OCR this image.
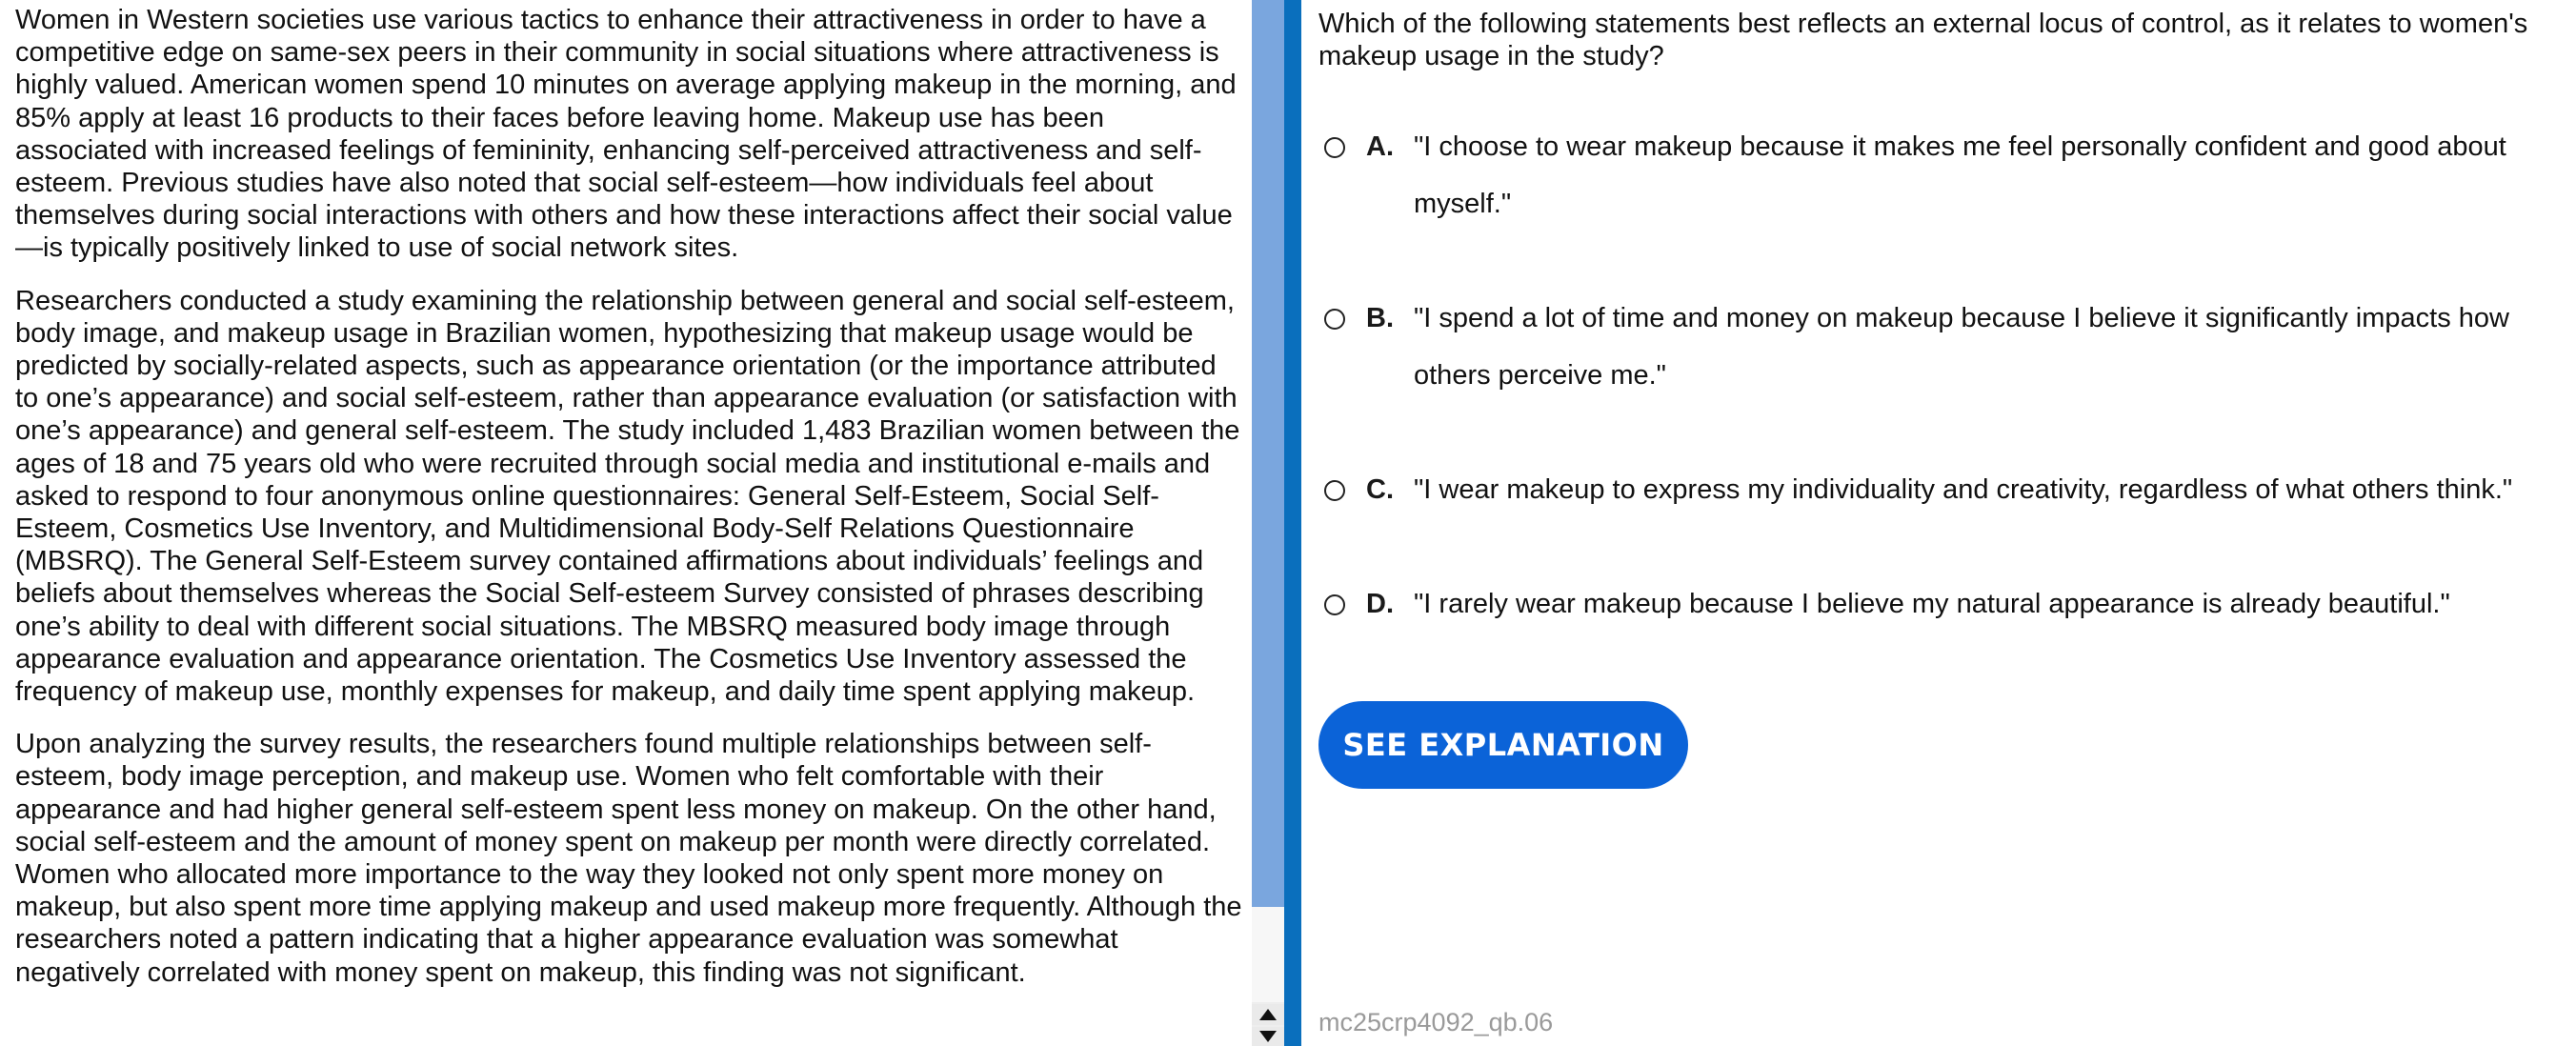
Women in Western societies use various tactics to enhance their attractiveness in order to have a competitive edge on same-sex peers in their community in social situations where attractiveness is highly valued. American women spend 10 minutes on average applying makeup in the morning, and 85% apply at least 16 products to their faces before leaving home. Makeup use has been associated with increased feelings of femininity, enhancing self-perceived attractiveness and self-esteem. Previous studies have also noted that social self-esteem—how individuals feel about themselves during social interactions with others and how these interactions affect their social value—is typically positively linked to use of social network sites.

Researchers conducted a study examining the relationship between general and social self-esteem, body image, and makeup usage in Brazilian women, hypothesizing that makeup usage would be predicted by socially-related aspects, such as appearance orientation (or the importance attributed to one’s appearance) and social self-esteem, rather than appearance evaluation (or satisfaction with one’s appearance) and general self-esteem. The study included 1,483 Brazilian women between the ages of 18 and 75 years old who were recruited through social media and institutional e-mails and asked to respond to four anonymous online questionnaires: General Self-Esteem, Social Self-Esteem, Cosmetics Use Inventory, and Multidimensional Body-Self Relations Questionnaire (MBSRQ). The General Self-Esteem survey contained affirmations about individuals’ feelings and beliefs about themselves whereas the Social Self-esteem Survey consisted of phrases describing one’s ability to deal with different social situations. The MBSRQ measured body image through appearance evaluation and appearance orientation. The Cosmetics Use Inventory assessed the frequency of makeup use, monthly expenses for makeup, and daily time spent applying makeup.

Upon analyzing the survey results, the researchers found multiple relationships between self-esteem, body image perception, and makeup use. Women who felt comfortable with their appearance and had higher general self-esteem spent less money on makeup. On the other hand, social self-esteem and the amount of money spent on makeup per month were directly correlated. Women who allocated more importance to the way they looked not only spent more money on makeup, but also spent more time applying makeup and used makeup more frequently. Although the researchers noted a pattern indicating that a higher appearance evaluation was somewhat negatively correlated with money spent on makeup, this finding was not significant.

Which of the following statements best reflects an external locus of control, as it relates to women's makeup usage in the study?

A. "I choose to wear makeup because it makes me feel personally confident and good about myself."
B. "I spend a lot of time and money on makeup because I believe it significantly impacts how others perceive me."
C. "I wear makeup to express my individuality and creativity, regardless of what others think."
D. "I rarely wear makeup because I believe my natural appearance is already beautiful."
SEE EXPLANATION
mc25crp4092_qb.06
